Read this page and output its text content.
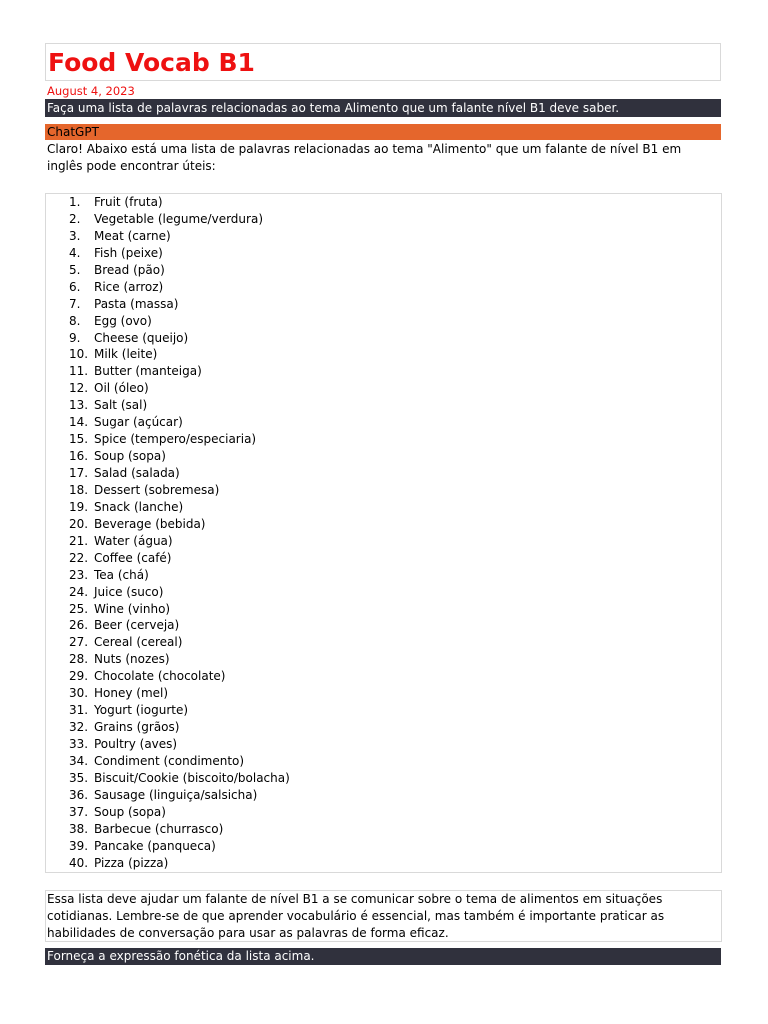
Food Vocab B1
August 4, 2023
Faça uma lista de palavras relacionadas ao tema Alimento que um falante nível B1 deve saber.
ChatGPT

Claro! Abaixo está uma lista de palavras relacionadas ao tema "Alimento" que um falante de nível B1 em inglês pode encontrar úteis:

1.	Fruit (fruta)
2.	Vegetable (legume/verdura)
3.	Meat (carne)
4.	Fish (peixe)
5.	Bread (pão)
6.	Rice (arroz)
7.	Pasta (massa)
8.	Egg (ovo)
9.	Cheese (queijo)
10. Milk (leite)
11. Butter (manteiga)
12. Oil (óleo)
13. Salt (sal)
14. Sugar (açúcar)
15. Spice (tempero/especiaria)
16. Soup (sopa)
17. Salad (salada)
18. Dessert (sobremesa)
19. Snack (lanche)
20. Beverage (bebida)
21. Water (água)
22. Coffee (café)
23. Tea (chá)
24. Juice (suco)
25. Wine (vinho)
26. Beer (cerveja)
27. Cereal (cereal)
28. Nuts (nozes)
29. Chocolate (chocolate)
30. Honey (mel)
31. Yogurt (iogurte)
32. Grains (grãos)
33. Poultry (aves)
34. Condiment (condimento)
35. Biscuit/Cookie (biscoito/bolacha)
36. Sausage (linguiça/salsicha)
37. Soup (sopa)
38. Barbecue (churrasco)
39. Pancake (panqueca)
40. Pizza (pizza)

Essa lista deve ajudar um falante de nível B1 a se comunicar sobre o tema de alimentos em situações cotidianas. Lembre-se de que aprender vocabulário é essencial, mas também é importante praticar as habilidades de conversação para usar as palavras de forma eficaz.

Forneça a expressão fonética da lista acima.
